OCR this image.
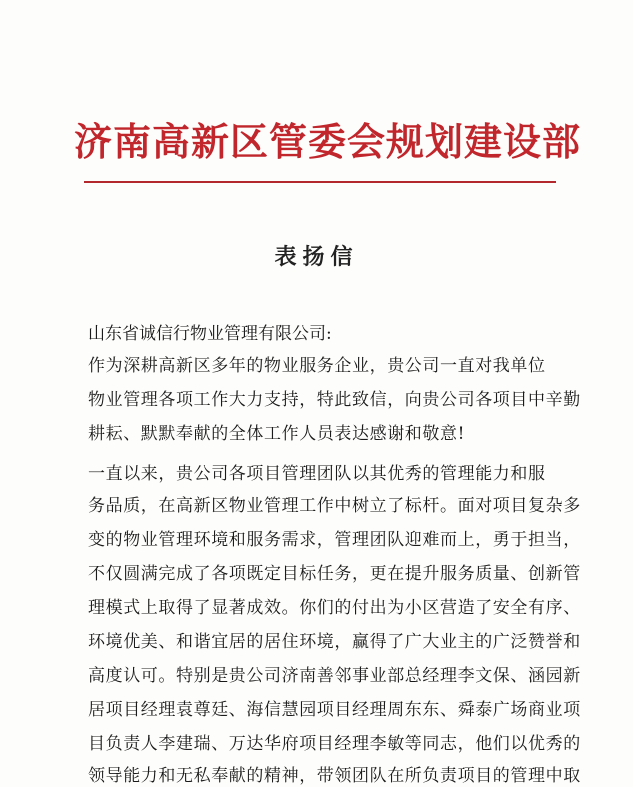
济南高新区管委会规划建设部
表扬信
山东省诚信行物业管理有限公司:
作为深耕高新区多年的物业服务企业，贵公司一直对我单位
物业管理各项工作大力支持，特此致信，向贵公司各项目中辛勤
耕耘、默默奉献的全体工作人员表达感谢和敬意!
一直以来，贵公司各项目管理团队以其优秀的管理能力和服
务品质，在高新区物业管理工作中树立了标杆。面对项目复杂多
变的物业管理环境和服务需求，管理团队迎难而上，勇于担当，
不仅圆满完成了各项既定目标任务，更在提升服务质量、创新管
理模式上取得了显著成效。你们的付出为小区营造了安全有序、
环境优美、和谐宜居的居住环境，赢得了广大业主的广泛赞誉和
高度认可。特别是贵公司济南善邻事业部总经理李文保、涵园新
居项目经理袁尊廷、海信慧园项目经理周东东、舜泰广场商业项
目负责人李建瑞、万达华府项目经理李敏等同志，他们以优秀的
领导能力和无私奉献的精神，带领团队在所负责项目的管理中取
